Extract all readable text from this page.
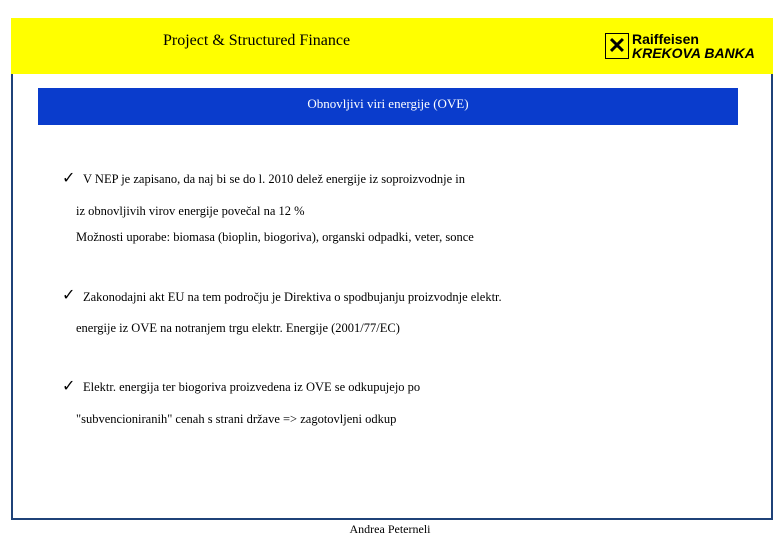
Project & Structured Finance	✕ Raiffeisen
KREKOVA BANKA
Obnovljivi viri energije (OVE)
✓ V NEP je zapisano, da naj bi se do l. 2010 delež energije iz soproizvodnje in
iz obnovljivih virov energije povečal na 12 %
Možnosti uporabe: biomasa (bioplin, biogoriva), organski odpadki, veter, sonce
✓ Zakonodajni akt EU na tem področju je Direktiva o spodbujanju proizvodnje elektr.
energije iz OVE na notranjem trgu elektr. Energije (2001/77/EC)
✓ Elektr. energija ter biogoriva proizvedena iz OVE se odkupujejo po
"subvencioniranih" cenah s strani države => zagotovljeni odkup
Andrea Peterneli
